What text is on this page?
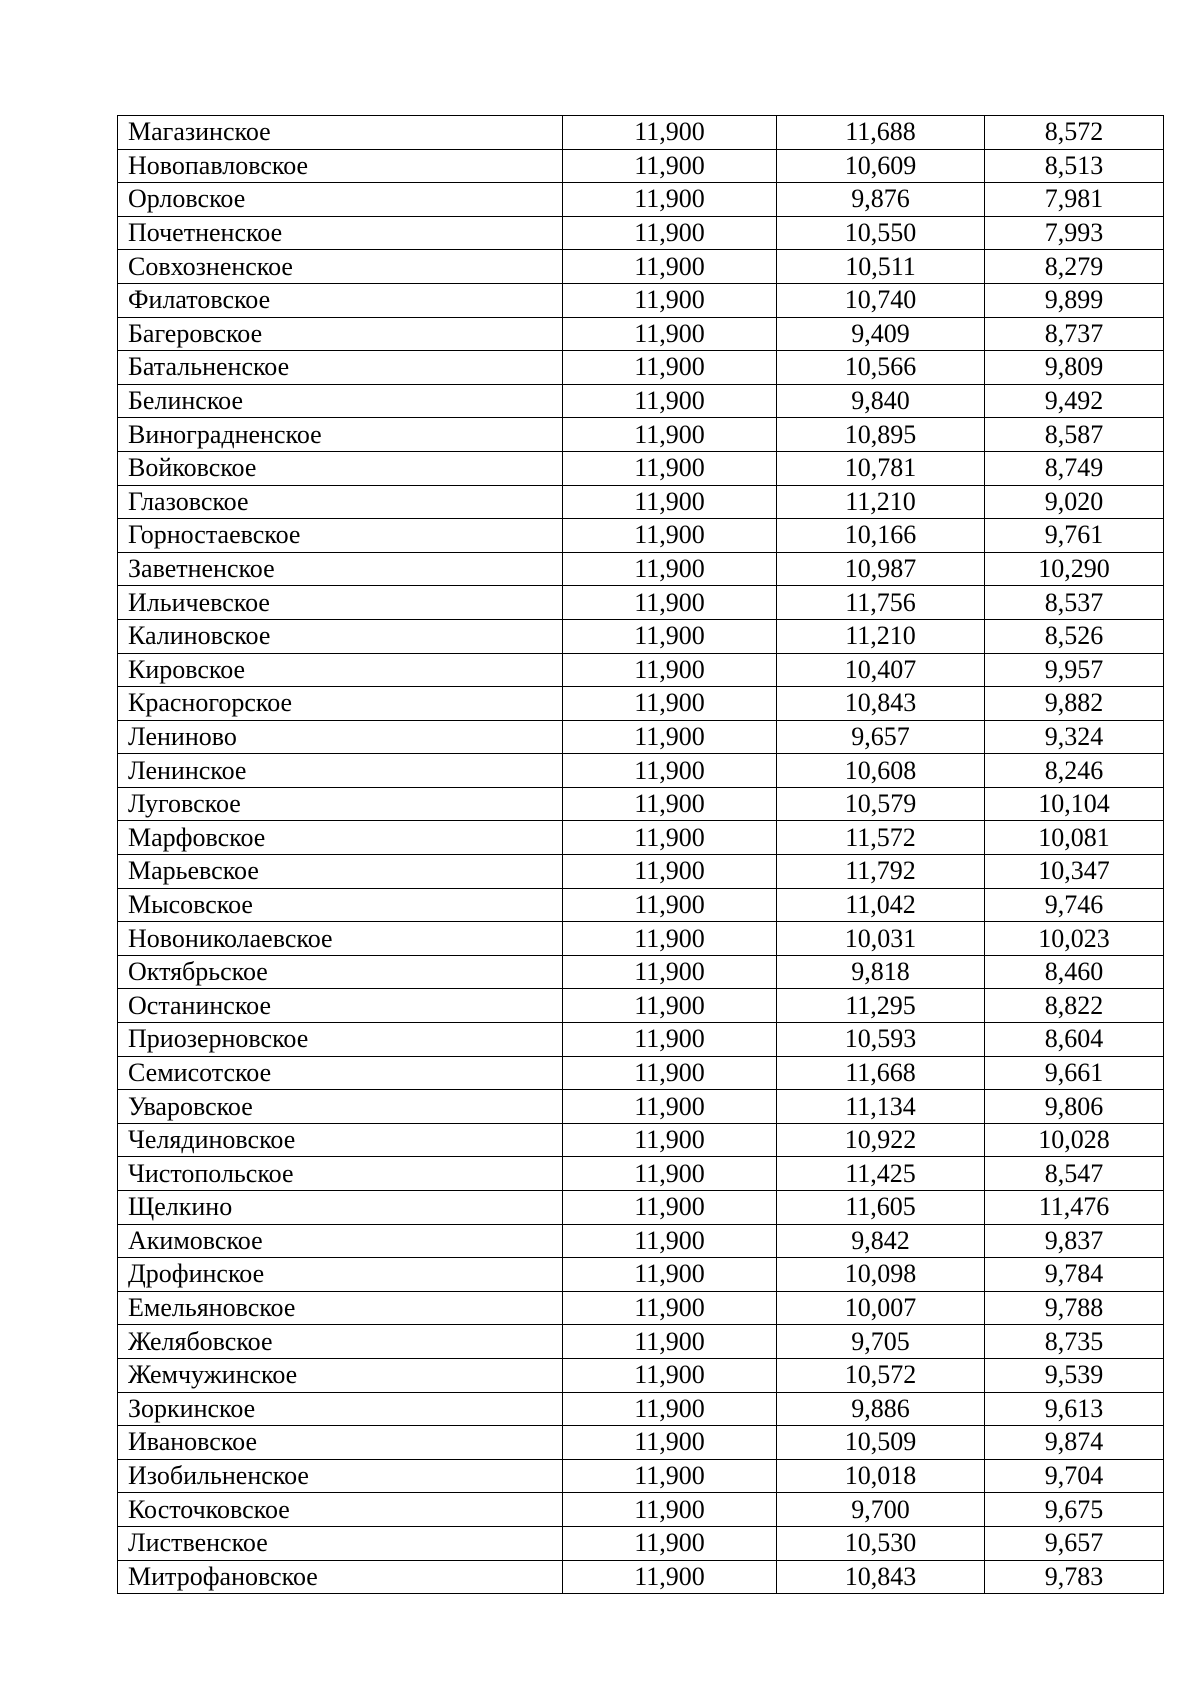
Магазинское	11,900	11,688	8,572
Новопавловское	11,900	10,609	8,513
Орловское	11,900	9,876	7,981
Почетненское	11,900	10,550	7,993
Совхозненское	11,900	10,511	8,279
Филатовское	11,900	10,740	9,899
Багеровское	11,900	9,409	8,737
Батальненское	11,900	10,566	9,809
Белинское	11,900	9,840	9,492
Виноградненское	11,900	10,895	8,587
Войковское	11,900	10,781	8,749
Глазовское	11,900	11,210	9,020
Горностаевское	11,900	10,166	9,761
Заветненское	11,900	10,987	10,290
Ильичевское	11,900	11,756	8,537
Калиновское	11,900	11,210	8,526
Кировское	11,900	10,407	9,957
Красногорское	11,900	10,843	9,882
Лениново	11,900	9,657	9,324
Ленинское	11,900	10,608	8,246
Луговское	11,900	10,579	10,104
Марфовское	11,900	11,572	10,081
Марьевское	11,900	11,792	10,347
Мысовское	11,900	11,042	9,746
Новониколаевское	11,900	10,031	10,023
Октябрьское	11,900	9,818	8,460
Останинское	11,900	11,295	8,822
Приозерновское	11,900	10,593	8,604
Семисотское	11,900	11,668	9,661
Уваровское	11,900	11,134	9,806
Челядиновское	11,900	10,922	10,028
Чистопольское	11,900	11,425	8,547
Щелкино	11,900	11,605	11,476
Акимовское	11,900	9,842	9,837
Дрофинское	11,900	10,098	9,784
Емельяновское	11,900	10,007	9,788
Желябовское	11,900	9,705	8,735
Жемчужинское	11,900	10,572	9,539
Зоркинское	11,900	9,886	9,613
Ивановское	11,900	10,509	9,874
Изобильненское	11,900	10,018	9,704
Косточковское	11,900	9,700	9,675
Лиственское	11,900	10,530	9,657
Митрофановское	11,900	10,843	9,783
